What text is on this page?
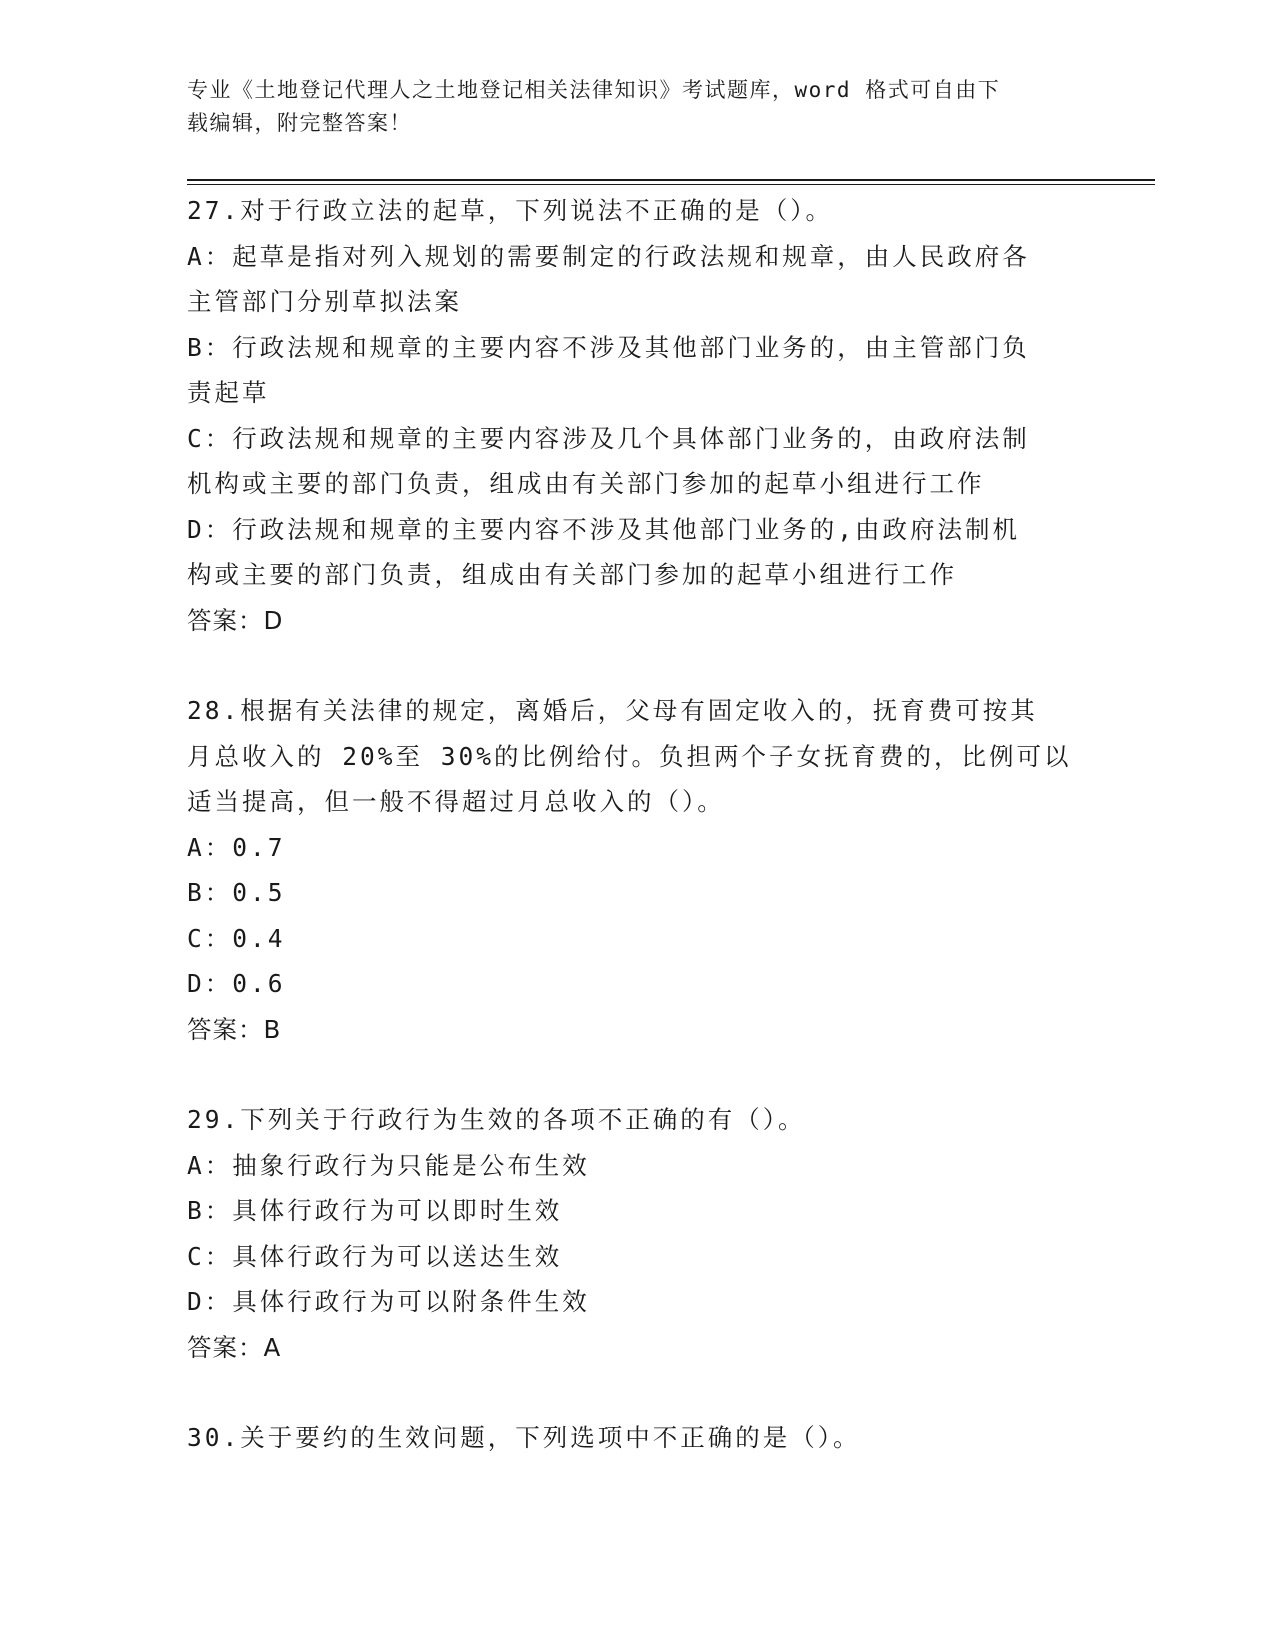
专业《土地登记代理人之土地登记相关法律知识》考试题库，word 格式可自由下
载编辑，附完整答案！

27.对于行政立法的起草，下列说法不正确的是（）。

A：起草是指对列入规划的需要制定的行政法规和规章，由人民政府各

主管部门分别草拟法案

B：行政法规和规章的主要内容不涉及其他部门业务的，由主管部门负

责起草

C：行政法规和规章的主要内容涉及几个具体部门业务的，由政府法制

机构或主要的部门负责，组成由有关部门参加的起草小组进行工作

D：行政法规和规章的主要内容不涉及其他部门业务的,由政府法制机

构或主要的部门负责，组成由有关部门参加的起草小组进行工作

答案：D

28.根据有关法律的规定，离婚后，父母有固定收入的，抚育费可按其

月总收入的 20%至 30%的比例给付。负担两个子女抚育费的，比例可以

适当提高，但一般不得超过月总收入的（）。

A：0.7

B：0.5

C：0.4

D：0.6

答案：B

29.下列关于行政行为生效的各项不正确的有（）。

A：抽象行政行为只能是公布生效

B：具体行政行为可以即时生效

C：具体行政行为可以送达生效

D：具体行政行为可以附条件生效

答案：A

30.关于要约的生效问题，下列选项中不正确的是（）。
